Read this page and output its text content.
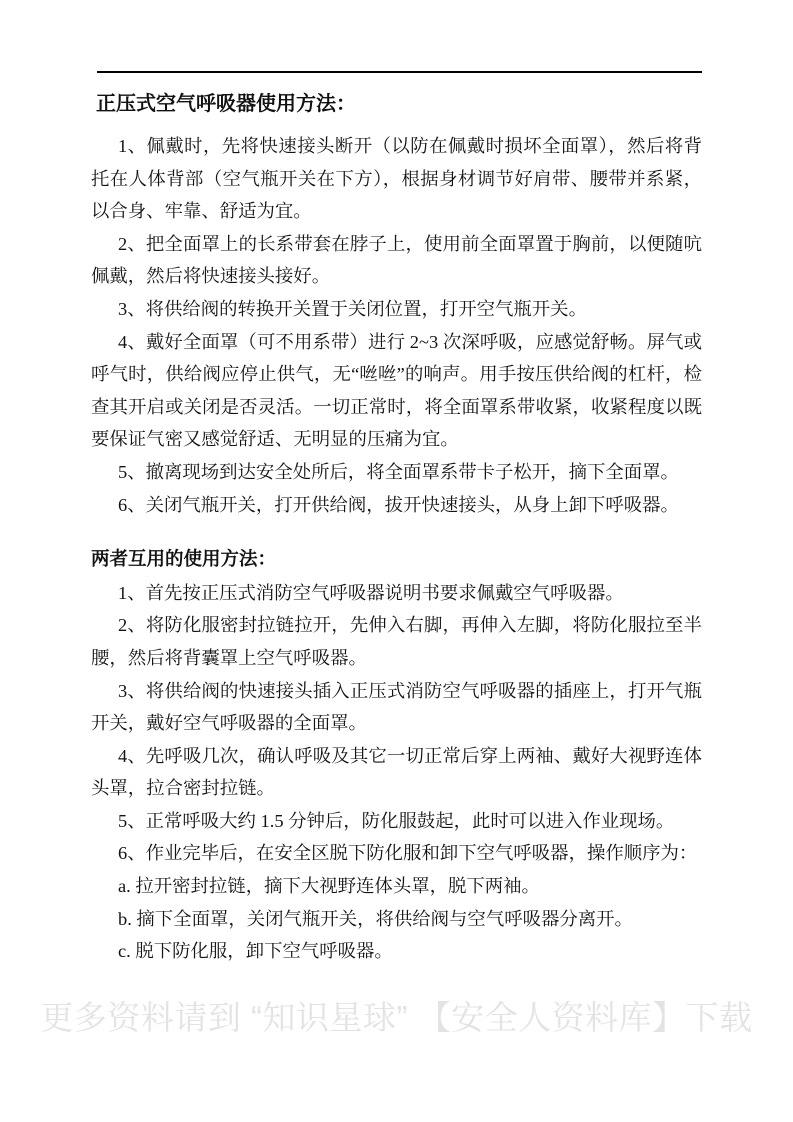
正压式空气呼吸器使用方法：

1、佩戴时，先将快速接头断开（以防在佩戴时损坏全面罩），然后将背托在人体背部（空气瓶开关在下方），根据身材调节好肩带、腰带并系紧，以合身、牢靠、舒适为宜。

2、把全面罩上的长系带套在脖子上，使用前全面罩置于胸前，以便随吭佩戴，然后将快速接头接好。

3、将供给阀的转换开关置于关闭位置，打开空气瓶开关。

4、戴好全面罩（可不用系带）进行 2~3 次深呼吸，应感觉舒畅。屏气或呼气时，供给阀应停止供气，无“咝咝”的响声。用手按压供给阀的杠杆，检查其开启或关闭是否灵活。一切正常时，将全面罩系带收紧，收紧程度以既要保证气密又感觉舒适、无明显的压痛为宜。

5、撤离现场到达安全处所后，将全面罩系带卡子松开，摘下全面罩。

6、关闭气瓶开关，打开供给阀，拔开快速接头，从身上卸下呼吸器。

两者互用的使用方法：

1、首先按正压式消防空气呼吸器说明书要求佩戴空气呼吸器。

2、将防化服密封拉链拉开，先伸入右脚，再伸入左脚，将防化服拉至半腰，然后将背囊罩上空气呼吸器。

3、将供给阀的快速接头插入正压式消防空气呼吸器的插座上，打开气瓶开关，戴好空气呼吸器的全面罩。

4、先呼吸几次，确认呼吸及其它一切正常后穿上两袖、戴好大视野连体头罩，拉合密封拉链。

5、正常呼吸大约 1.5 分钟后，防化服鼓起，此时可以进入作业现场。

6、作业完毕后，在安全区脱下防化服和卸下空气呼吸器，操作顺序为：

a. 拉开密封拉链，摘下大视野连体头罩，脱下两袖。

b. 摘下全面罩，关闭气瓶开关，将供给阀与空气呼吸器分离开。

c. 脱下防化服，卸下空气呼吸器。

更多资料请到 “知识星球” 【安全人资料库】下载
